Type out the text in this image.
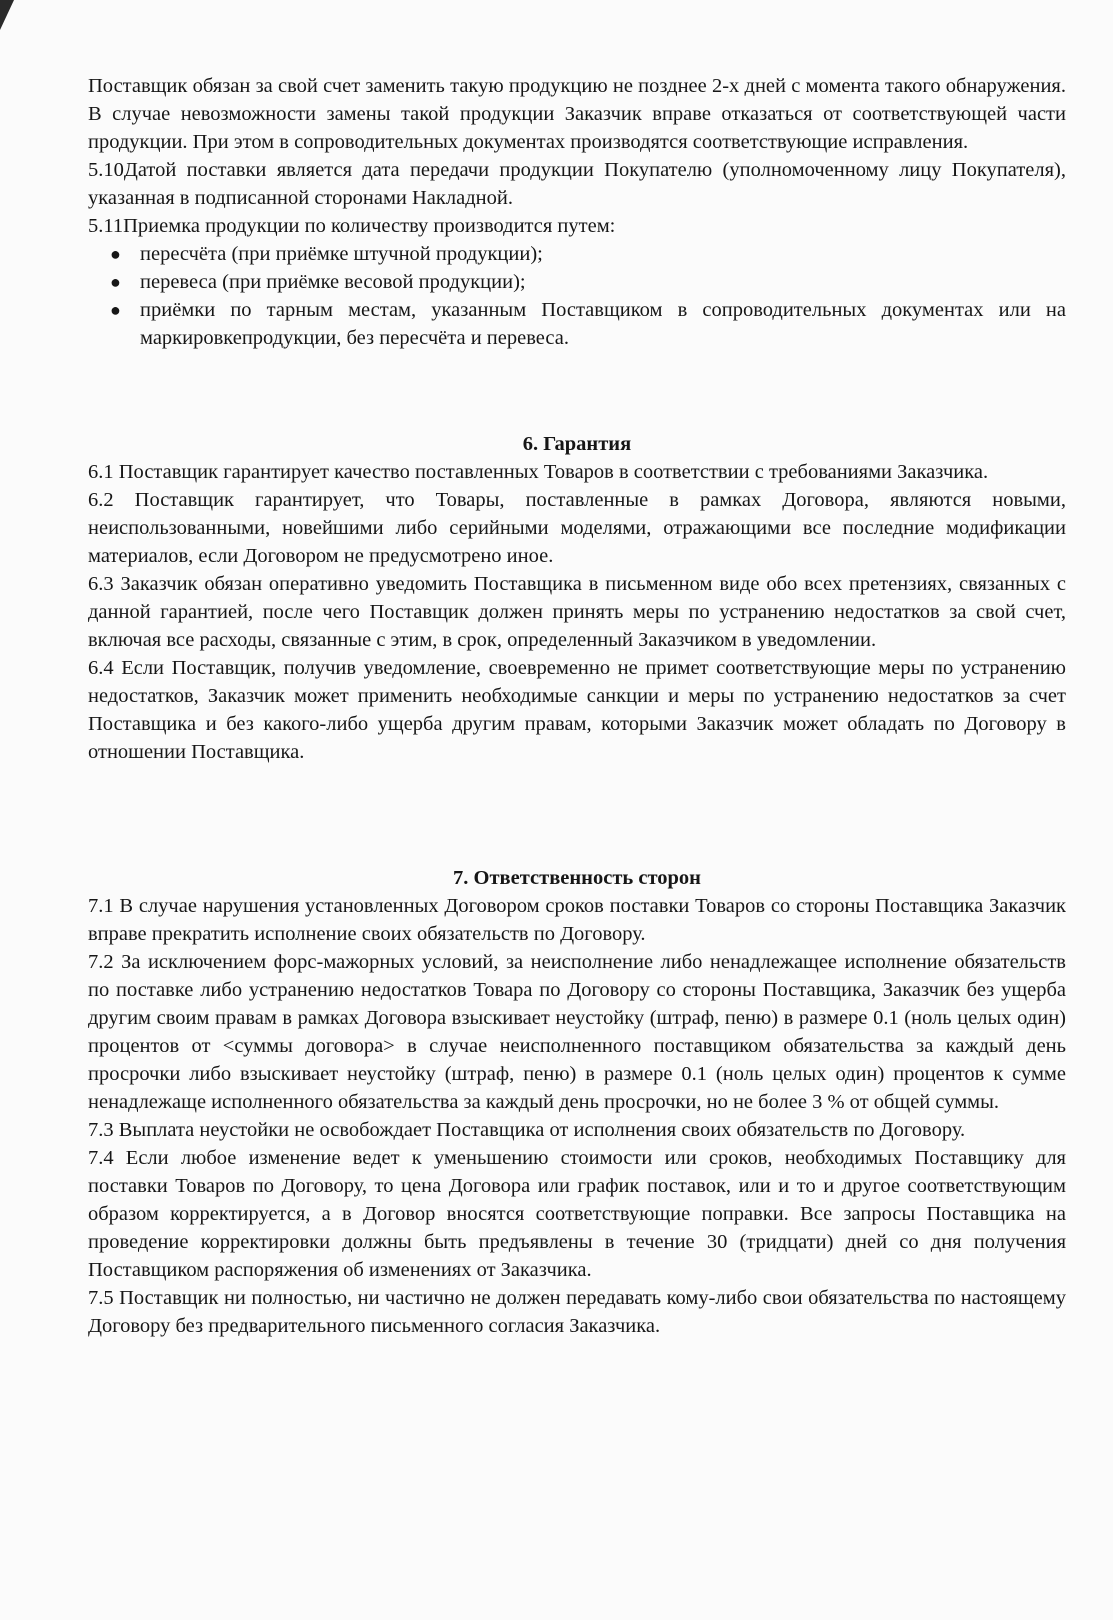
Поставщик обязан за свой счет заменить такую продукцию не позднее 2-х дней с момента такого обнаружения. В случае невозможности замены такой продукции Заказчик вправе отказаться от соответствующей части продукции. При этом в сопроводительных документах производятся соответствующие исправления.

5.10Датой поставки является дата передачи продукции Покупателю (уполномоченному лицу Покупателя), указанная в подписанной сторонами Накладной.

5.11Приемка продукции по количеству производится путем:

● пересчёта (при приёмке штучной продукции);
● перевеса (при приёмке весовой продукции);
● приёмки по тарным местам, указанным Поставщиком в сопроводительных документах или на маркировкепродукции, без пересчёта и перевеса.
6. Гарантия

6.1 Поставщик гарантирует качество поставленных Товаров в соответствии с требованиями Заказчика.

6.2 Поставщик гарантирует, что Товары, поставленные в рамках Договора, являются новыми, неиспользованными, новейшими либо серийными моделями, отражающими все последние модификации материалов, если Договором не предусмотрено иное.

6.3 Заказчик обязан оперативно уведомить Поставщика в письменном виде обо всех претензиях, связанных с данной гарантией, после чего Поставщик должен принять меры по устранению недостатков за свой счет, включая все расходы, связанные с этим, в срок, определенный Заказчиком в уведомлении.

6.4 Если Поставщик, получив уведомление, своевременно не примет соответствующие меры по устранению недостатков, Заказчик может применить необходимые санкции и меры по устранению недостатков за счет Поставщика и без какого-либо ущерба другим правам, которыми Заказчик может обладать по Договору в отношении Поставщика.

7. Ответственность сторон

7.1 В случае нарушения установленных Договором сроков поставки Товаров со стороны Поставщика Заказчик вправе прекратить исполнение своих обязательств по Договору.

7.2 За исключением форс-мажорных условий, за неисполнение либо ненадлежащее исполнение обязательств по поставке либо устранению недостатков Товара по Договору со стороны Поставщика, Заказчик без ущерба другим своим правам в рамках Договора взыскивает неустойку (штраф, пеню) в размере 0.1 (ноль целых один) процентов от <суммы договора> в случае неисполненного поставщиком обязательства за каждый день просрочки либо взыскивает неустойку (штраф, пеню) в размере 0.1 (ноль целых один) процентов к сумме ненадлежаще исполненного обязательства за каждый день просрочки, но не более 3 % от общей суммы.

7.3 Выплата неустойки не освобождает Поставщика от исполнения своих обязательств по Договору.

7.4 Если любое изменение ведет к уменьшению стоимости или сроков, необходимых Поставщику для поставки Товаров по Договору, то цена Договора или график поставок, или и то и другое соответствующим образом корректируется, а в Договор вносятся соответствующие поправки. Все запросы Поставщика на проведение корректировки должны быть предъявлены в течение 30 (тридцати) дней со дня получения Поставщиком распоряжения об изменениях от Заказчика.

7.5 Поставщик ни полностью, ни частично не должен передавать кому-либо свои обязательства по настоящему Договору без предварительного письменного согласия Заказчика.
